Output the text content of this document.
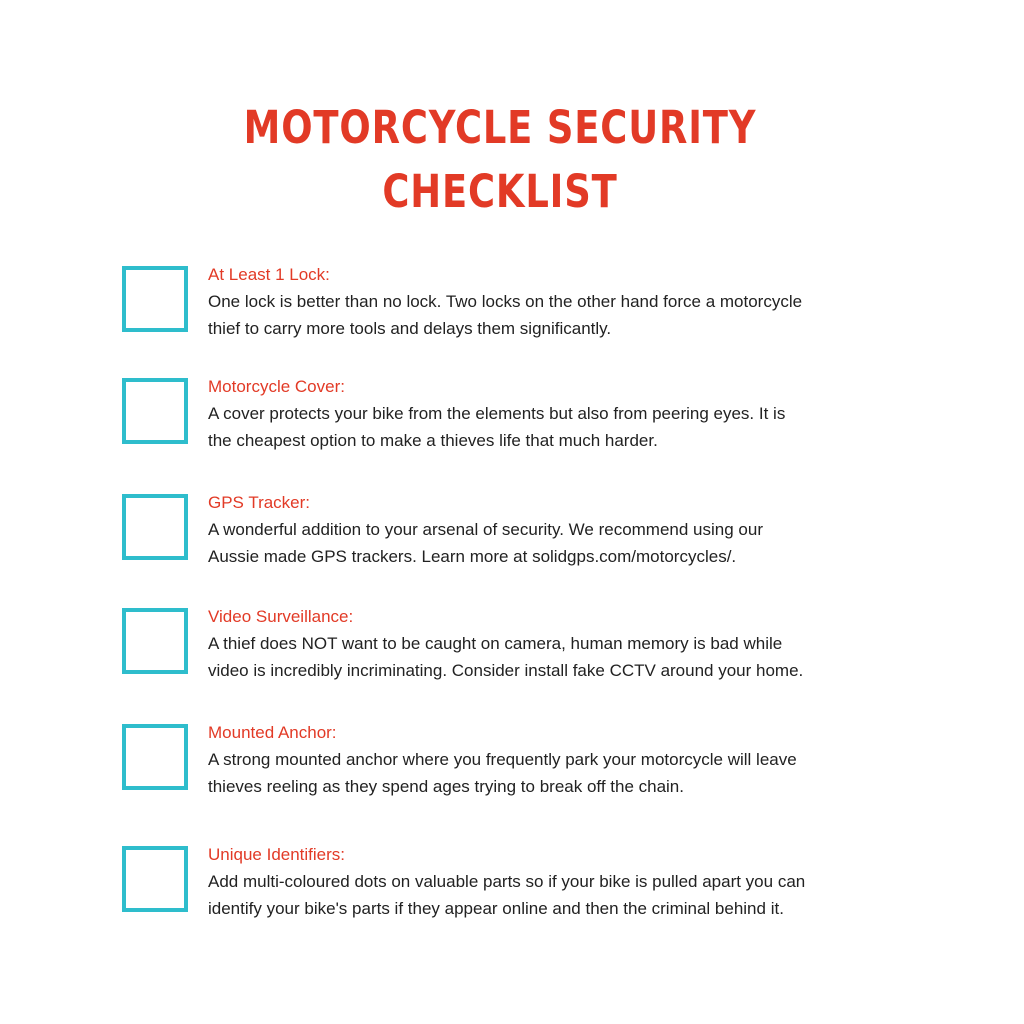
MOTORCYCLE SECURITY
CHECKLIST
At Least 1 Lock:
One lock is better than no lock. Two locks on the other hand force a motorcycle
thief to carry more tools and delays them significantly.
Motorcycle Cover:
A cover protects your bike from the elements but also from peering eyes. It is
the cheapest option to make a thieves life that much harder.
GPS Tracker:
A wonderful addition to your arsenal of security. We recommend using our
Aussie made GPS trackers. Learn more at solidgps.com/motorcycles/.
Video Surveillance:
A thief does NOT want to be caught on camera, human memory is bad while
video is incredibly incriminating. Consider install fake CCTV around your home.
Mounted Anchor:
A strong mounted anchor where you frequently park your motorcycle will leave
thieves reeling as they spend ages trying to break off the chain.
Unique Identifiers:
Add multi-coloured dots on valuable parts so if your bike is pulled apart you can
identify your bike's parts if they appear online and then the criminal behind it.
